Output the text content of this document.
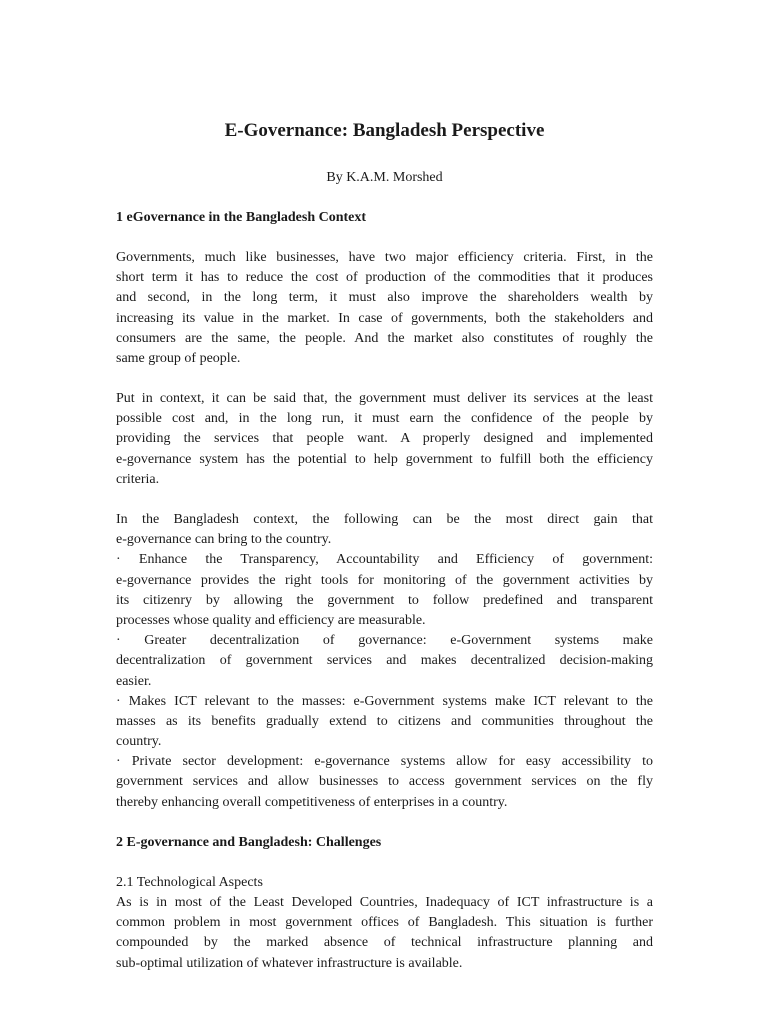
E-Governance: Bangladesh Perspective

By K.A.M. Morshed

1 eGovernance in the Bangladesh Context
Governments, much like businesses, have two major efficiency criteria. First, in the
short term it has to reduce the cost of production of the commodities that it produces
and second, in the long term, it must also improve the shareholders wealth by
increasing its value in the market. In case of governments, both the stakeholders and
consumers are the same, the people. And the market also constitutes of roughly the
same group of people.
Put in context, it can be said that, the government must deliver its services at the least
possible cost and, in the long run, it must earn the confidence of the people by
providing the services that people want. A properly designed and implemented
e-governance system has the potential to help government to fulfill both the efficiency
criteria.
In the Bangladesh context, the following can be the most direct gain that
e-governance can bring to the country.
· Enhance the Transparency, Accountability and Efficiency of government:
e-governance provides the right tools for monitoring of the government activities by
its citizenry by allowing the government to follow predefined and transparent
processes whose quality and efficiency are measurable.
· Greater decentralization of governance: e-Government systems make
decentralization of government services and makes decentralized decision-making
easier.
· Makes ICT relevant to the masses: e-Government systems make ICT relevant to the
masses as its benefits gradually extend to citizens and communities throughout the
country.
· Private sector development: e-governance systems allow for easy accessibility to
government services and allow businesses to access government services on the fly
thereby enhancing overall competitiveness of enterprises in a country.
2 E-governance and Bangladesh: Challenges

2.1 Technological Aspects

As is in most of the Least Developed Countries, Inadequacy of ICT infrastructure is a
common problem in most government offices of Bangladesh. This situation is further
compounded by the marked absence of technical infrastructure planning and
sub-optimal utilization of whatever infrastructure is available.
